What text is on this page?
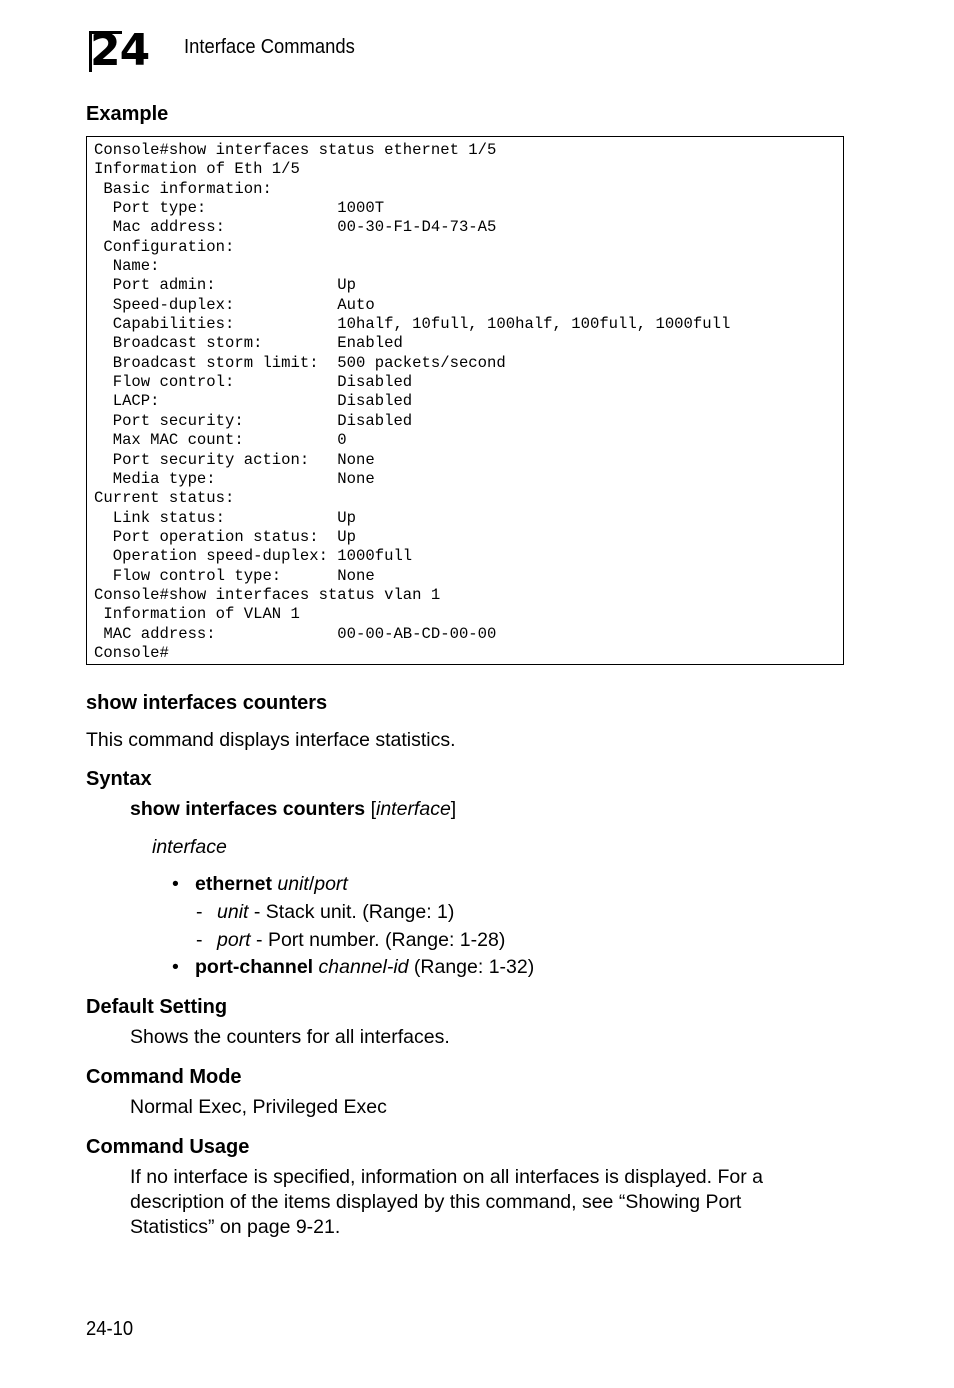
24	Interface Commands
Example
Console#show interfaces status ethernet 1/5
Information of Eth 1/5
Basic information:
Port type:              1000T
Mac address:            00-30-F1-D4-73-A5
Configuration:
Name:
Port admin:             Up
Speed-duplex:           Auto
Capabilities:           10half, 10full, 100half, 100full, 1000full
Broadcast storm:        Enabled
Broadcast storm limit:  500 packets/second
Flow control:           Disabled
LACP:                   Disabled
Port security:          Disabled
Max MAC count:          0
Port security action:   None
Media type:             None
Current status:
Link status:            Up
Port operation status:  Up
Operation speed-duplex: 1000full
Flow control type:      None
Console#show interfaces status vlan 1
Information of VLAN 1
MAC address:             00-00-AB-CD-00-00
Console#
show interfaces counters
This command displays interface statistics.
Syntax
show interfaces counters [interface]
interface
• ethernet unit/port
- unit - Stack unit. (Range: 1)
- port - Port number. (Range: 1-28)
• port-channel channel-id (Range: 1-32)
Default Setting
Shows the counters for all interfaces.
Command Mode
Normal Exec, Privileged Exec
Command Usage
If no interface is specified, information on all interfaces is displayed. For a
description of the items displayed by this command, see “Showing Port
Statistics” on page 9-21.
24-10
